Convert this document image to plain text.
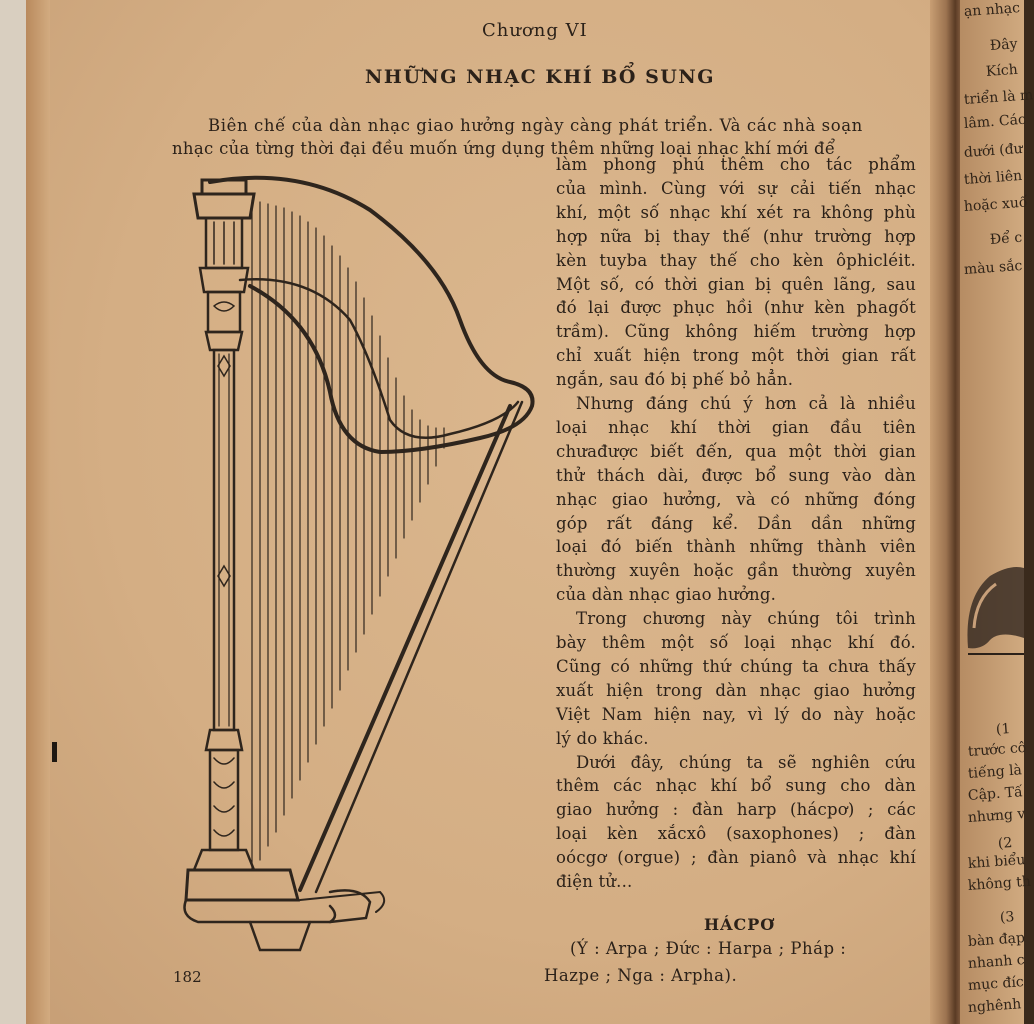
ạn nhạc
Đây
Kích
triển là m
lâm. Các
dưới (đư
thời liên
hoặc xuố
Để c
màu sắc
(1
trước cô
tiếng là
Cập. Tấ
nhưng v
(2
khi biểu
không th
(3
bàn đạp
nhanh c
mục đíc
nghênh
Chương VI
NHỮNG NHẠC KHÍ BỔ SUNG
Biên chế của dàn nhạc giao hưởng ngày càng phát triển. Và các nhà soạn
nhạc của từng thời đại đều muốn ứng dụng thêm những loại nhạc khí mới để
làm phong phú thêm cho tác phẩm
của mình. Cùng với sự cải tiến nhạc
khí, một số nhạc khí xét ra không phù
hợp nữa bị thay thế (như trường hợp
kèn tuyba thay thế cho kèn ôphicléit.
Một số, có thời gian bị quên lãng, sau
đó lại được phục hồi (như kèn phagốt
trầm). Cũng không hiếm trường hợp
chỉ xuất hiện trong một thời gian rất
ngắn, sau đó bị phế bỏ hẳn.
Nhưng đáng chú ý hơn cả là nhiều
loại nhạc khí thời gian đầu tiên
chưađược biết đến, qua một thời gian
thử thách dài, được bổ sung vào dàn
nhạc giao hưởng, và có những đóng
góp rất đáng kể. Dần dần những
loại đó biến thành những thành viên
thường xuyên hoặc gần thường xuyên
của dàn nhạc giao hưởng.
Trong chương này chúng tôi trình
bày thêm một số loại nhạc khí đó.
Cũng có những thứ chúng ta chưa thấy
xuất hiện trong dàn nhạc giao hưởng
Việt Nam hiện nay, vì lý do này hoặc
lý do khác.
Dưới đây, chúng ta sẽ nghiên cứu
thêm các nhạc khí bổ sung cho dàn
giao hưởng : đàn harp (hácpơ) ; các
loại kèn xắcxô (saxophones) ; đàn
oócgơ (orgue) ; đàn pianô và nhạc khí
điện tử...
HÁCPƠ
(Ý : Arpa ; Đức : Harpa ; Pháp :
Hazpe ; Nga : Arpha).
182
